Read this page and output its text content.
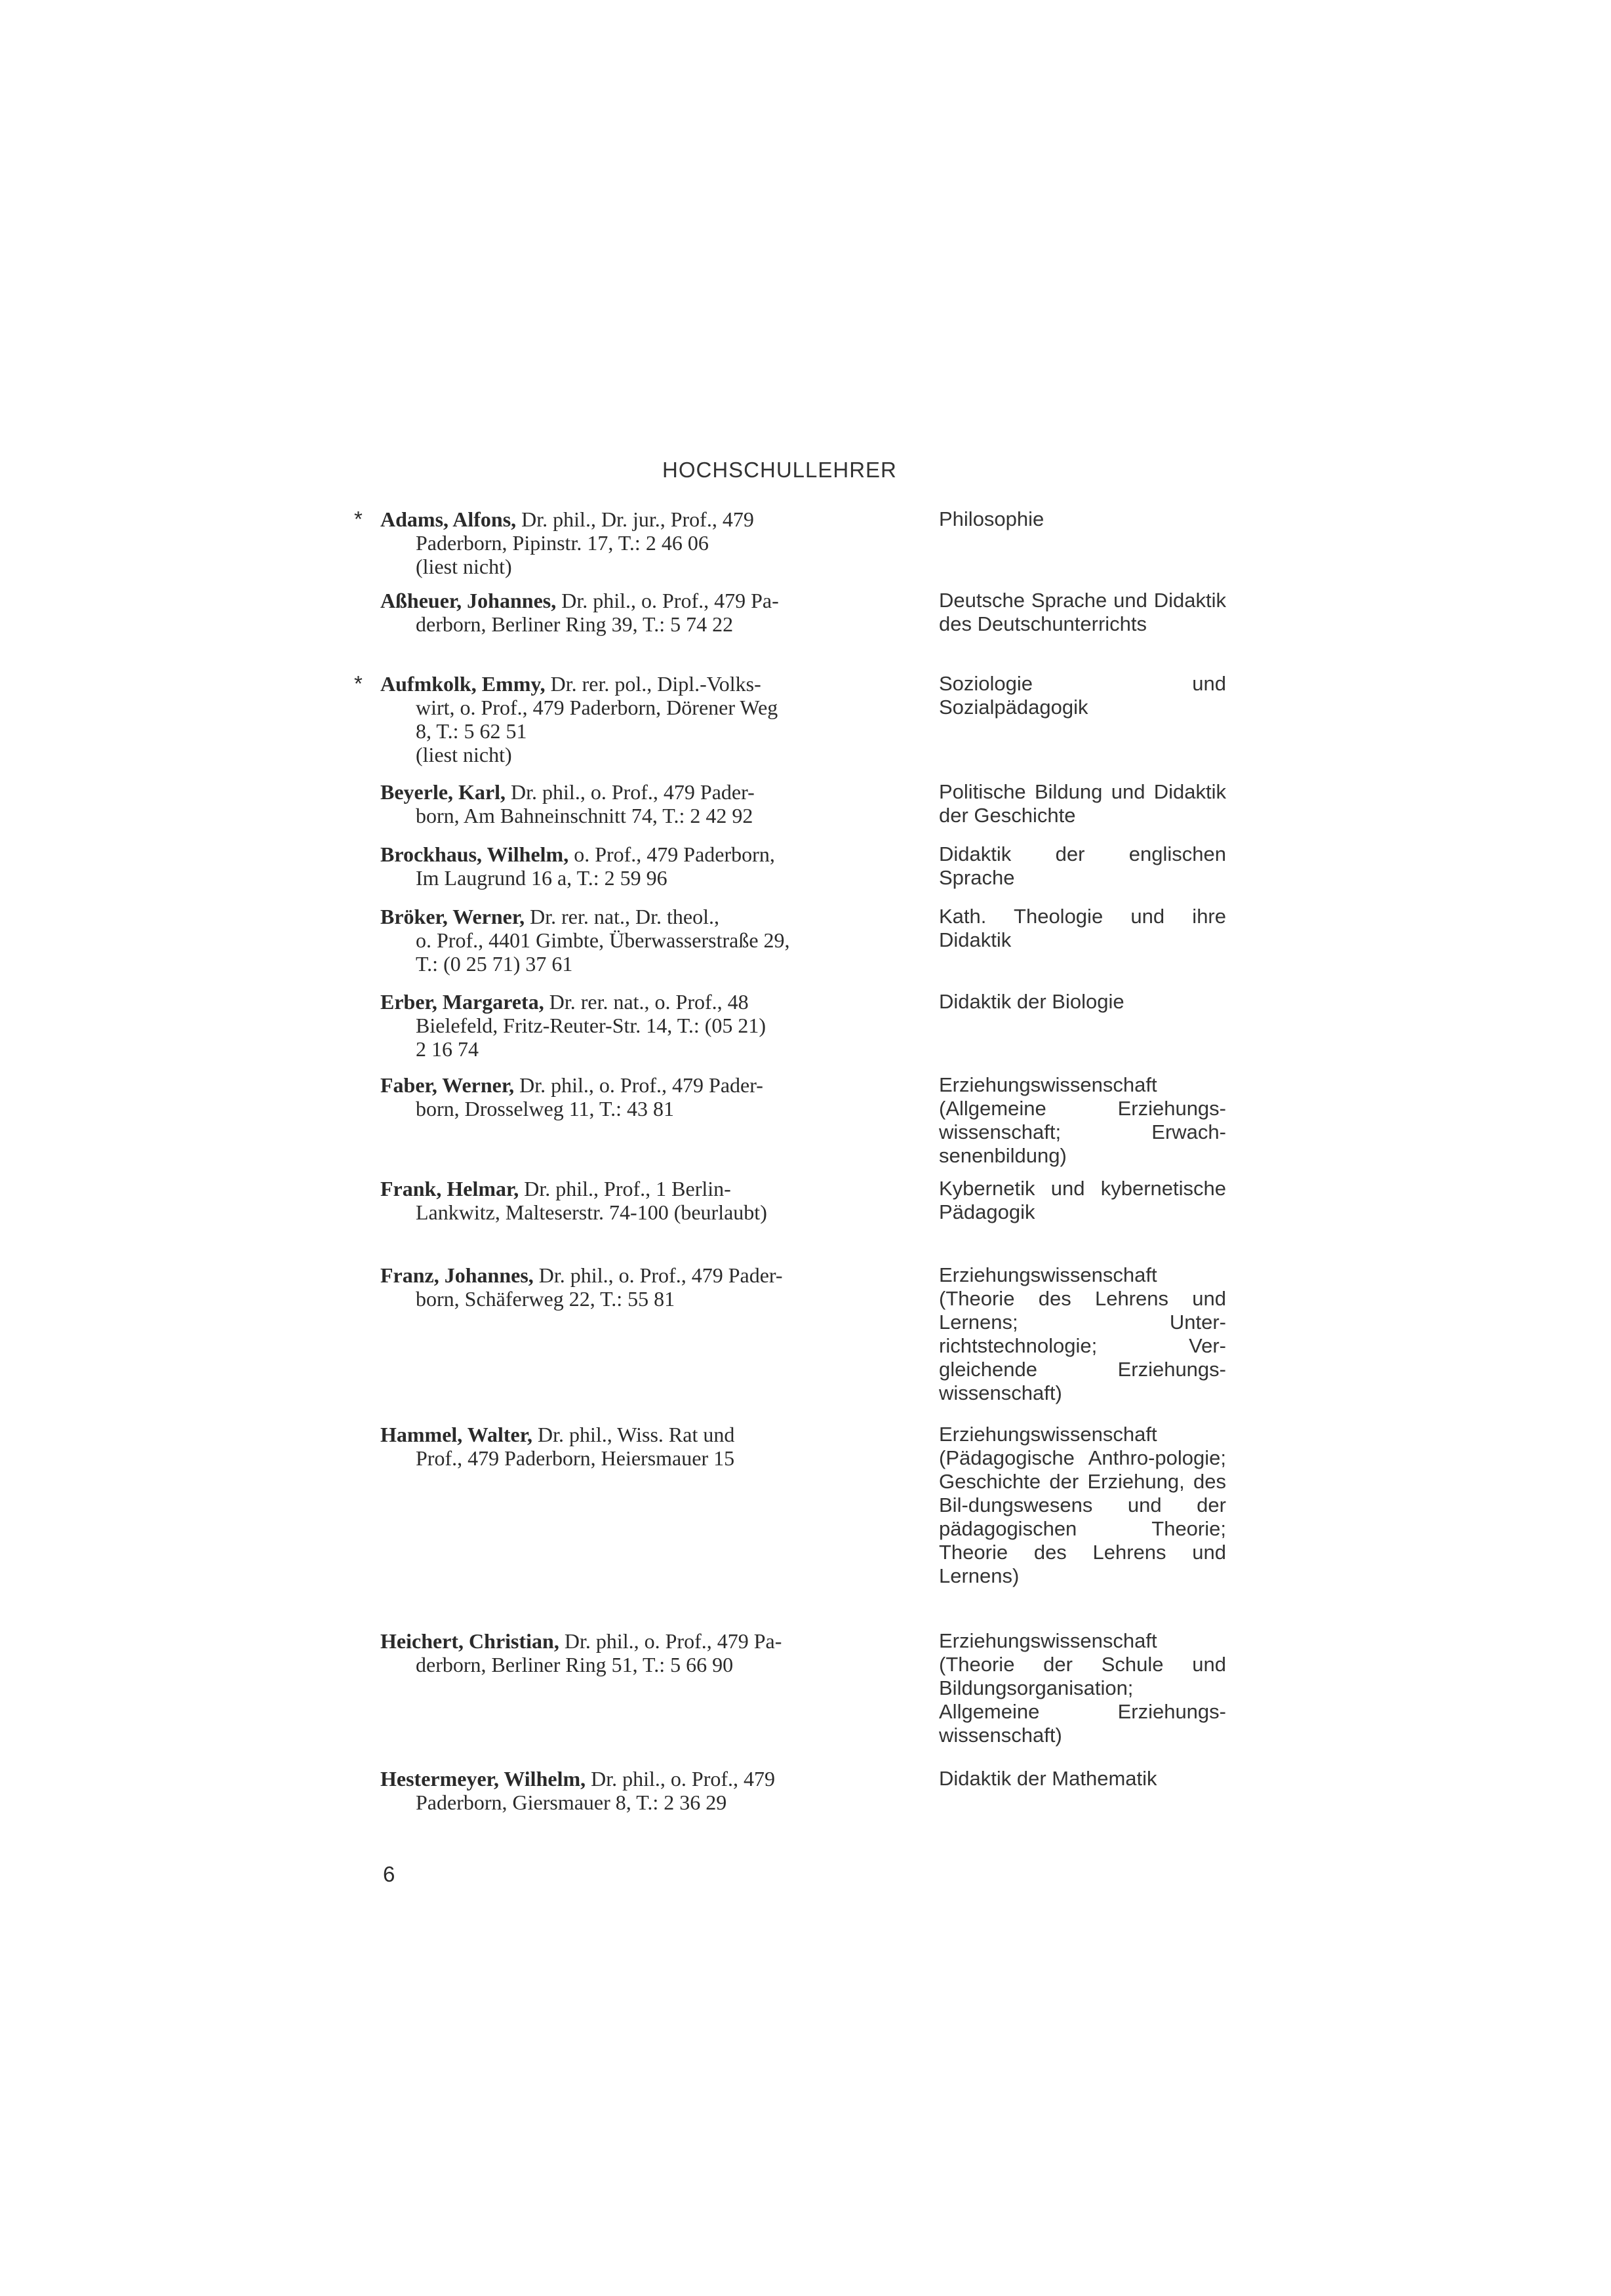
HOCHSCHULLEHRER
* Adams, Alfons, Dr. phil., Dr. jur., Prof., 479
Paderborn, Pipinstr. 17, T.: 2 46 06
(liest nicht)
Philosophie
Aßheuer, Johannes, Dr. phil., o. Prof., 479 Pa-
derborn, Berliner Ring 39, T.: 5 74 22
Deutsche Sprache und Didaktik des Deutschunterrichts
* Aufmkolk, Emmy, Dr. rer. pol., Dipl.-Volks-
wirt, o. Prof., 479 Paderborn, Dörener Weg
8, T.: 5 62 51
(liest nicht)
Soziologie und Sozialpädagogik
Beyerle, Karl, Dr. phil., o. Prof., 479 Pader-
born, Am Bahneinschnitt 74, T.: 2 42 92
Politische Bildung und Didaktik der Geschichte
Brockhaus, Wilhelm, o. Prof., 479 Paderborn,
Im Laugrund 16 a, T.: 2 59 96
Didaktik der englischen Sprache
Bröker, Werner, Dr. rer. nat., Dr. theol.,
o. Prof., 4401 Gimbte, Überwasserstraße 29,
T.: (0 25 71) 37 61
Kath. Theologie und ihre Didaktik
Erber, Margareta, Dr. rer. nat., o. Prof., 48
Bielefeld, Fritz-Reuter-Str. 14, T.: (05 21)
2 16 74
Didaktik der Biologie
Faber, Werner, Dr. phil., o. Prof., 479 Pader-
born, Drosselweg 11, T.: 43 81
Erziehungswissenschaft (Allgemeine Erziehungs-wissenschaft; Erwach-senenbildung)
Frank, Helmar, Dr. phil., Prof., 1 Berlin-
Lankwitz, Malteserstr. 74-100 (beurlaubt)
Kybernetik und kybernetische Pädagogik
Franz, Johannes, Dr. phil., o. Prof., 479 Pader-
born, Schäferweg 22, T.: 55 81
Erziehungswissenschaft (Theorie des Lehrens und Lernens; Unter-richtstechnologie; Ver-gleichende Erziehungs-wissenschaft)
Hammel, Walter, Dr. phil., Wiss. Rat und
Prof., 479 Paderborn, Heiersmauer 15
Erziehungswissenschaft (Pädagogische Anthro-pologie; Geschichte der Erziehung, des Bil-dungswesens und der pädagogischen Theorie; Theorie des Lehrens und Lernens)
Heichert, Christian, Dr. phil., o. Prof., 479 Pa-
derborn, Berliner Ring 51, T.: 5 66 90
Erziehungswissenschaft (Theorie der Schule und Bildungsorganisation; Allgemeine Erziehungs-wissenschaft)
Hestermeyer, Wilhelm, Dr. phil., o. Prof., 479
Paderborn, Giersmauer 8, T.: 2 36 29
Didaktik der Mathematik
6
